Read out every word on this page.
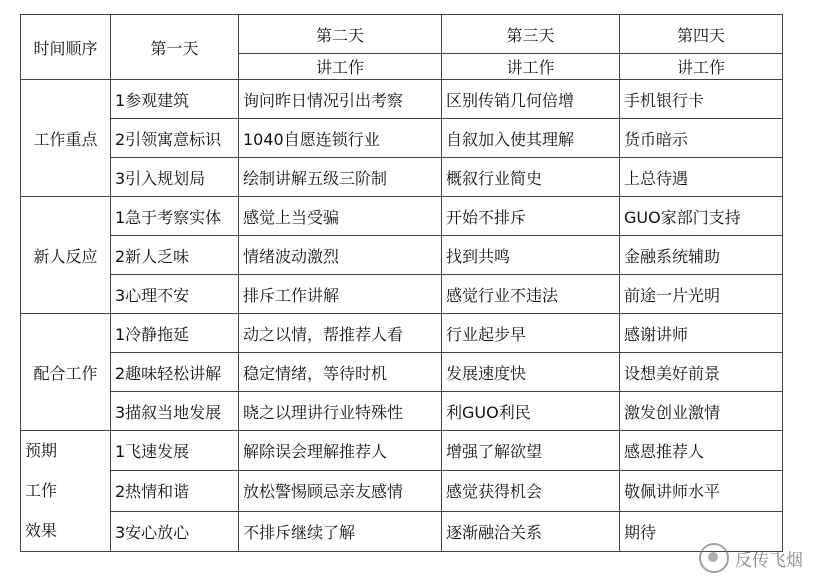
时间顺序	第一天	第二天	第三天	第四天
		讲工作	讲工作	讲工作
工作重点	1参观建筑	询问昨日情况引出考察	区别传销几何倍增	手机银行卡
	2引领寓意标识	1040自愿连锁行业	自叙加入使其理解	货币暗示
	3引入规划局	绘制讲解五级三阶制	概叙行业简史	上总待遇
新人反应	1急于考察实体	感觉上当受骗	开始不排斥	GUO家部门支持
	2新人乏味	情绪波动激烈	找到共鸣	金融系统辅助
	3心理不安	排斥工作讲解	感觉行业不违法	前途一片光明
配合工作	1冷静拖延	动之以情，帮推荐人看	行业起步早	感谢讲师
	2趣味轻松讲解	稳定情绪，等待时机	发展速度快	设想美好前景
	3描叙当地发展	晓之以理讲行业特殊性	利GUO利民	激发创业激情

预期
工作
效果	1飞速发展	解除误会理解推荐人	增强了解欲望	感恩推荐人
	2热情和谐	放松警惕顾忌亲友感情	感觉获得机会	敬佩讲师水平
	3安心放心	不排斥继续了解	逐渐融洽关系	期待
反传飞烟
